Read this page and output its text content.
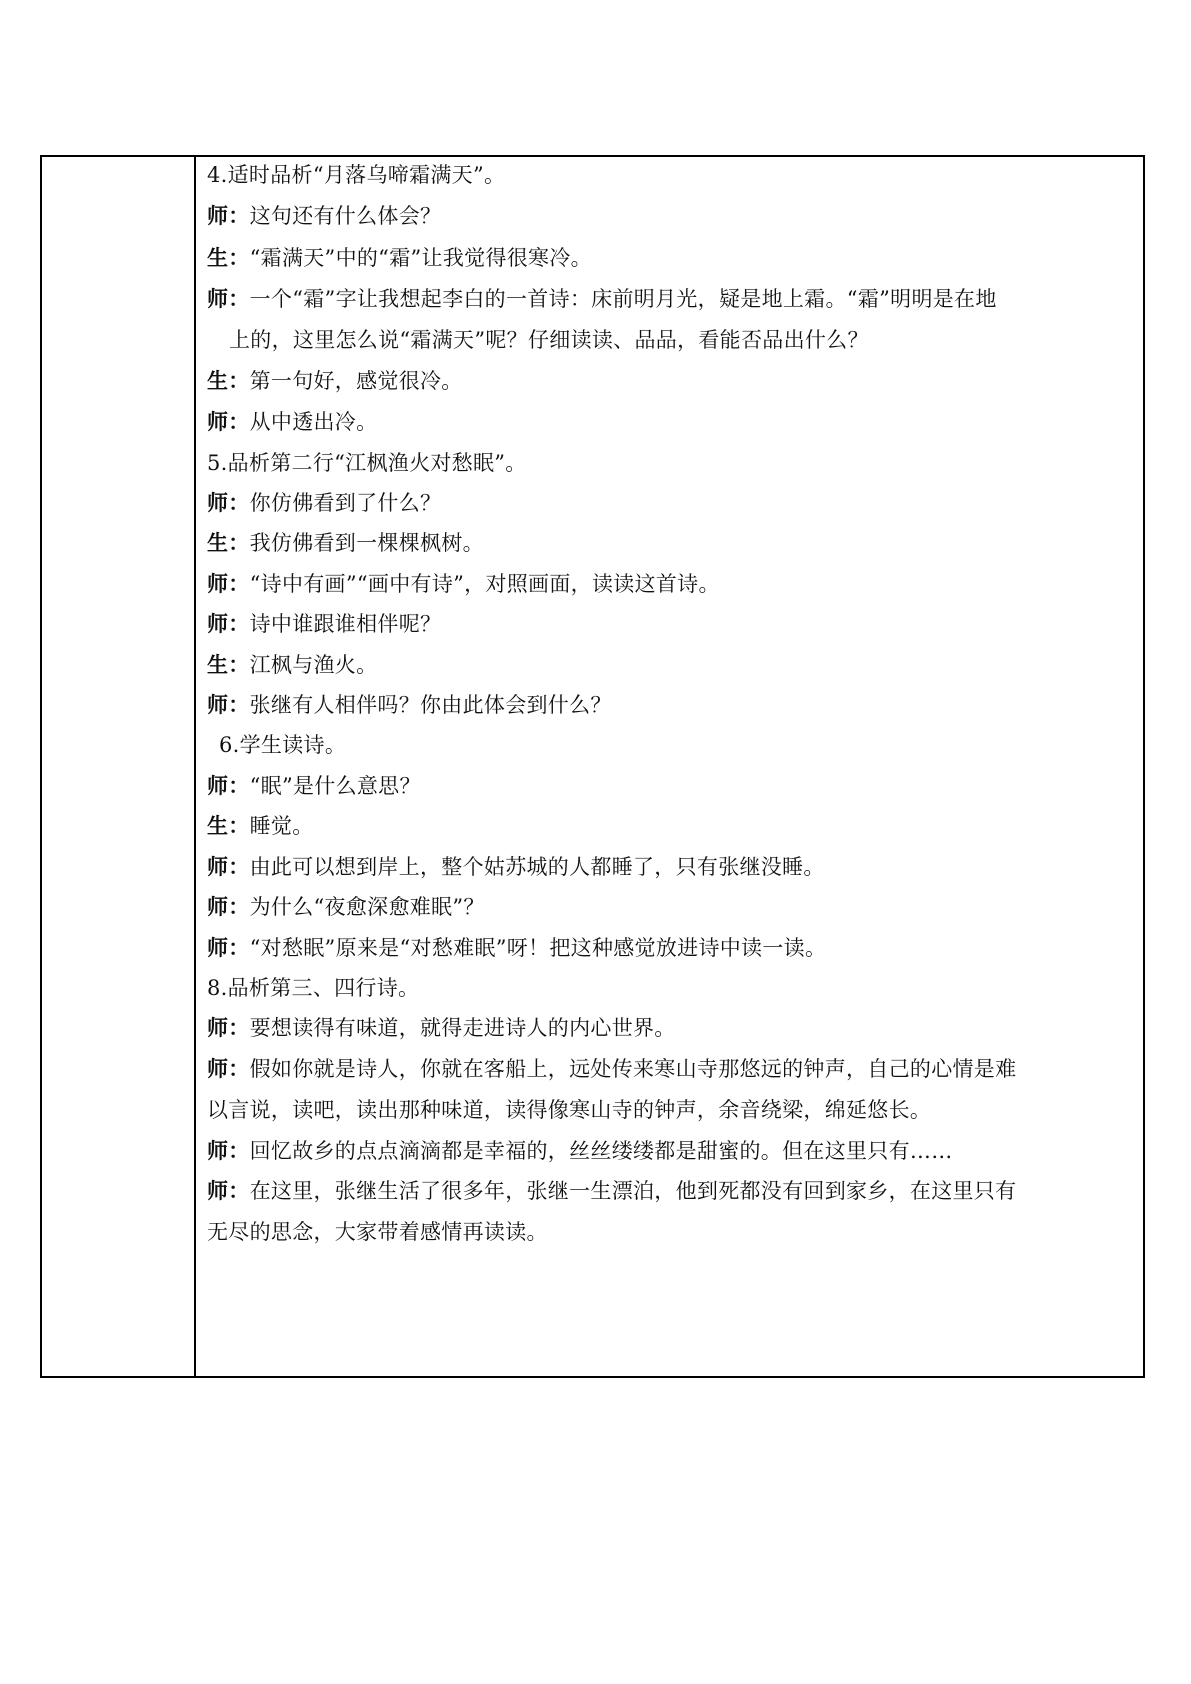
4.适时品析“月落乌啼霜满天”。
师：这句还有什么体会？
生：“霜满天”中的“霜”让我觉得很寒冷。
师：一个“霜”字让我想起李白的一首诗：床前明月光，疑是地上霜。“霜”明明是在地
上的，这里怎么说“霜满天”呢？仔细读读、品品，看能否品出什么？
生：第一句好，感觉很冷。
师：从中透出冷。
5.品析第二行“江枫渔火对愁眠”。
师：你仿佛看到了什么？
生：我仿佛看到一棵棵枫树。
师：“诗中有画”“画中有诗”，对照画面，读读这首诗。
师：诗中谁跟谁相伴呢？
生：江枫与渔火。
师：张继有人相伴吗？你由此体会到什么？
6.学生读诗。
师：“眠”是什么意思？
生：睡觉。
师：由此可以想到岸上，整个姑苏城的人都睡了，只有张继没睡。
师：为什么“夜愈深愈难眠”？
师：“对愁眠”原来是“对愁难眠”呀！把这种感觉放进诗中读一读。
8.品析第三、四行诗。
师：要想读得有味道，就得走进诗人的内心世界。
师：假如你就是诗人，你就在客船上，远处传来寒山寺那悠远的钟声，自己的心情是难
以言说，读吧，读出那种味道，读得像寒山寺的钟声，余音绕梁，绵延悠长。
师：回忆故乡的点点滴滴都是幸福的，丝丝缕缕都是甜蜜的。但在这里只有……
师：在这里，张继生活了很多年，张继一生漂泊，他到死都没有回到家乡，在这里只有
无尽的思念，大家带着感情再读读。
